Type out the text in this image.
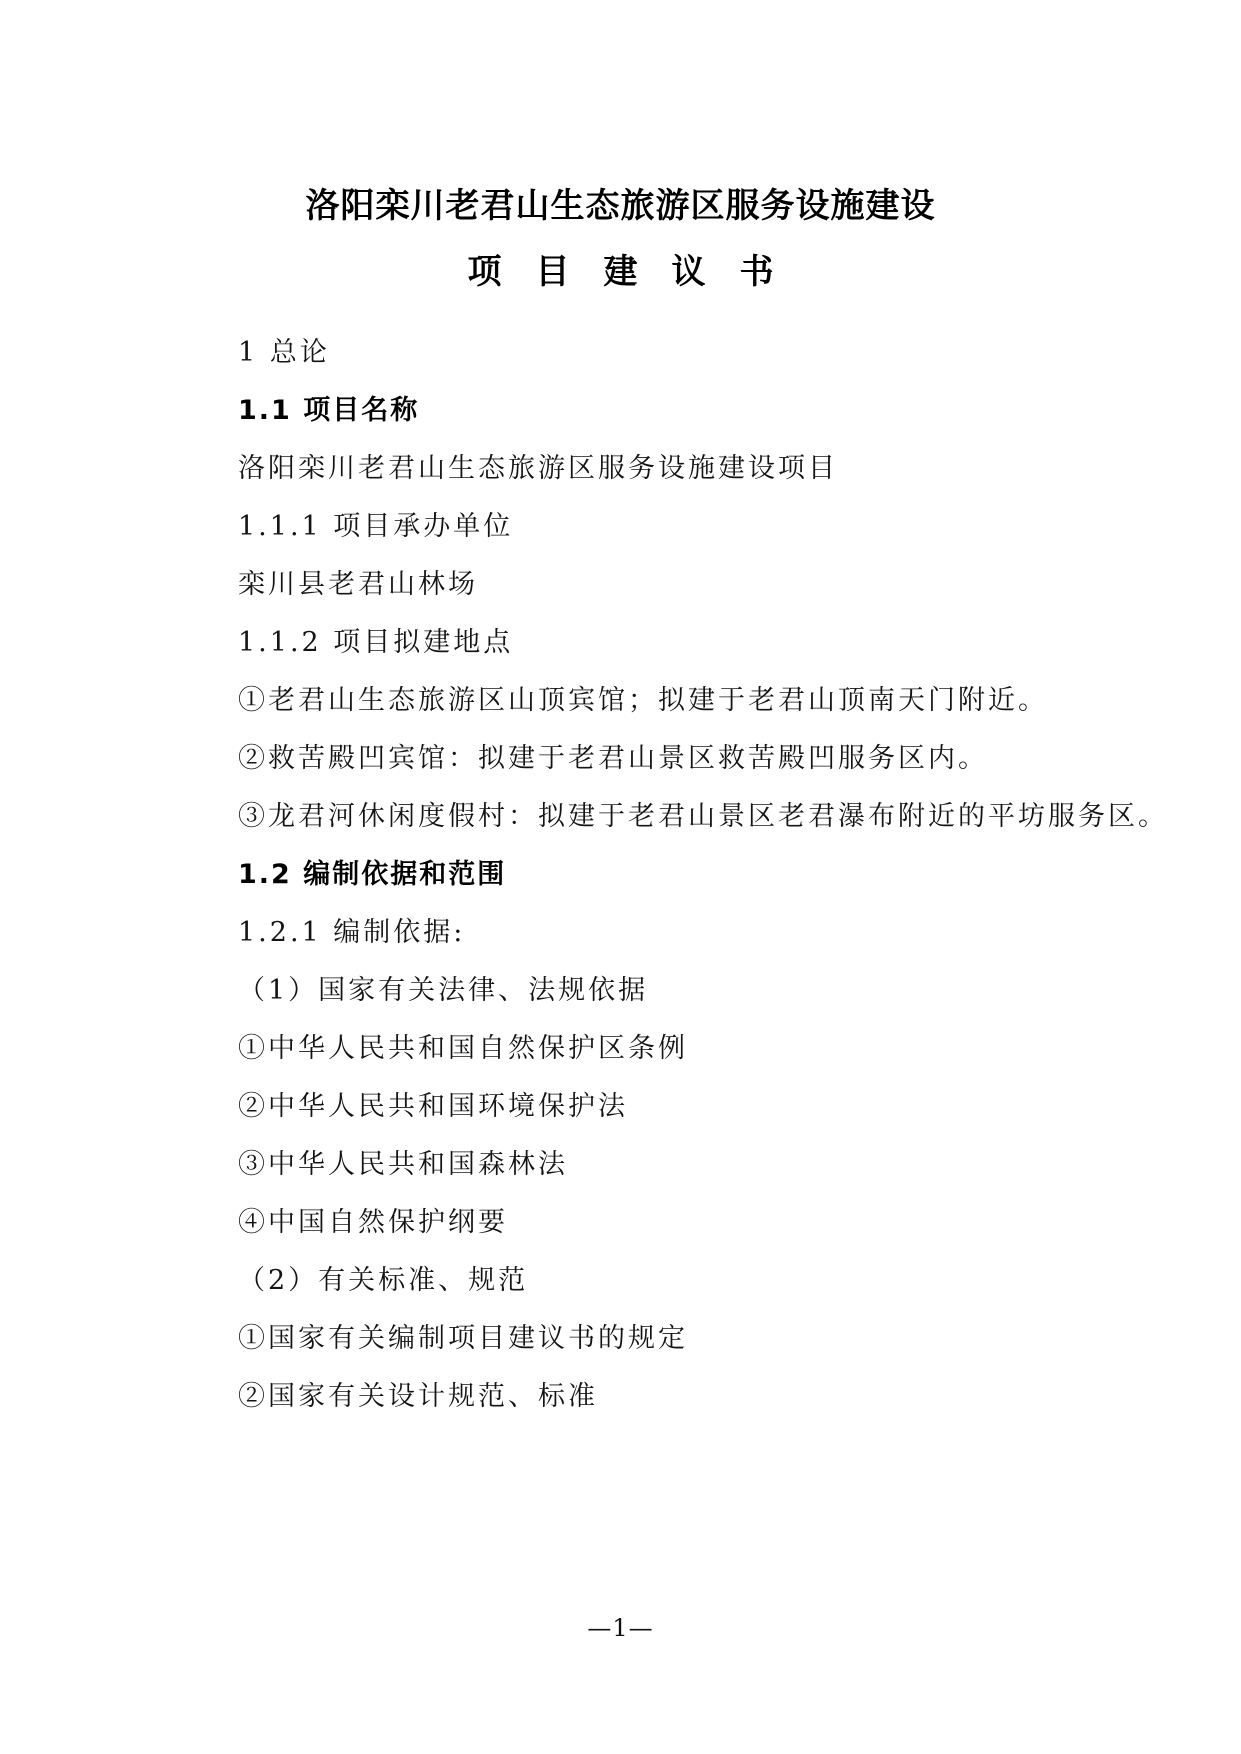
洛阳栾川老君山生态旅游区服务设施建设
项目建议书
1 总论
1.1 项目名称
洛阳栾川老君山生态旅游区服务设施建设项目
1.1.1 项目承办单位
栾川县老君山林场
1.1.2 项目拟建地点
①老君山生态旅游区山顶宾馆；拟建于老君山顶南天门附近。
②救苦殿凹宾馆：拟建于老君山景区救苦殿凹服务区内。
③龙君河休闲度假村：拟建于老君山景区老君瀑布附近的平坊服务区。
1.2 编制依据和范围
1.2.1 编制依据:
（1）国家有关法律、法规依据
①中华人民共和国自然保护区条例
②中华人民共和国环境保护法
③中华人民共和国森林法
④中国自然保护纲要
（2）有关标准、规范
①国家有关编制项目建议书的规定
②国家有关设计规范、标准
—1—
